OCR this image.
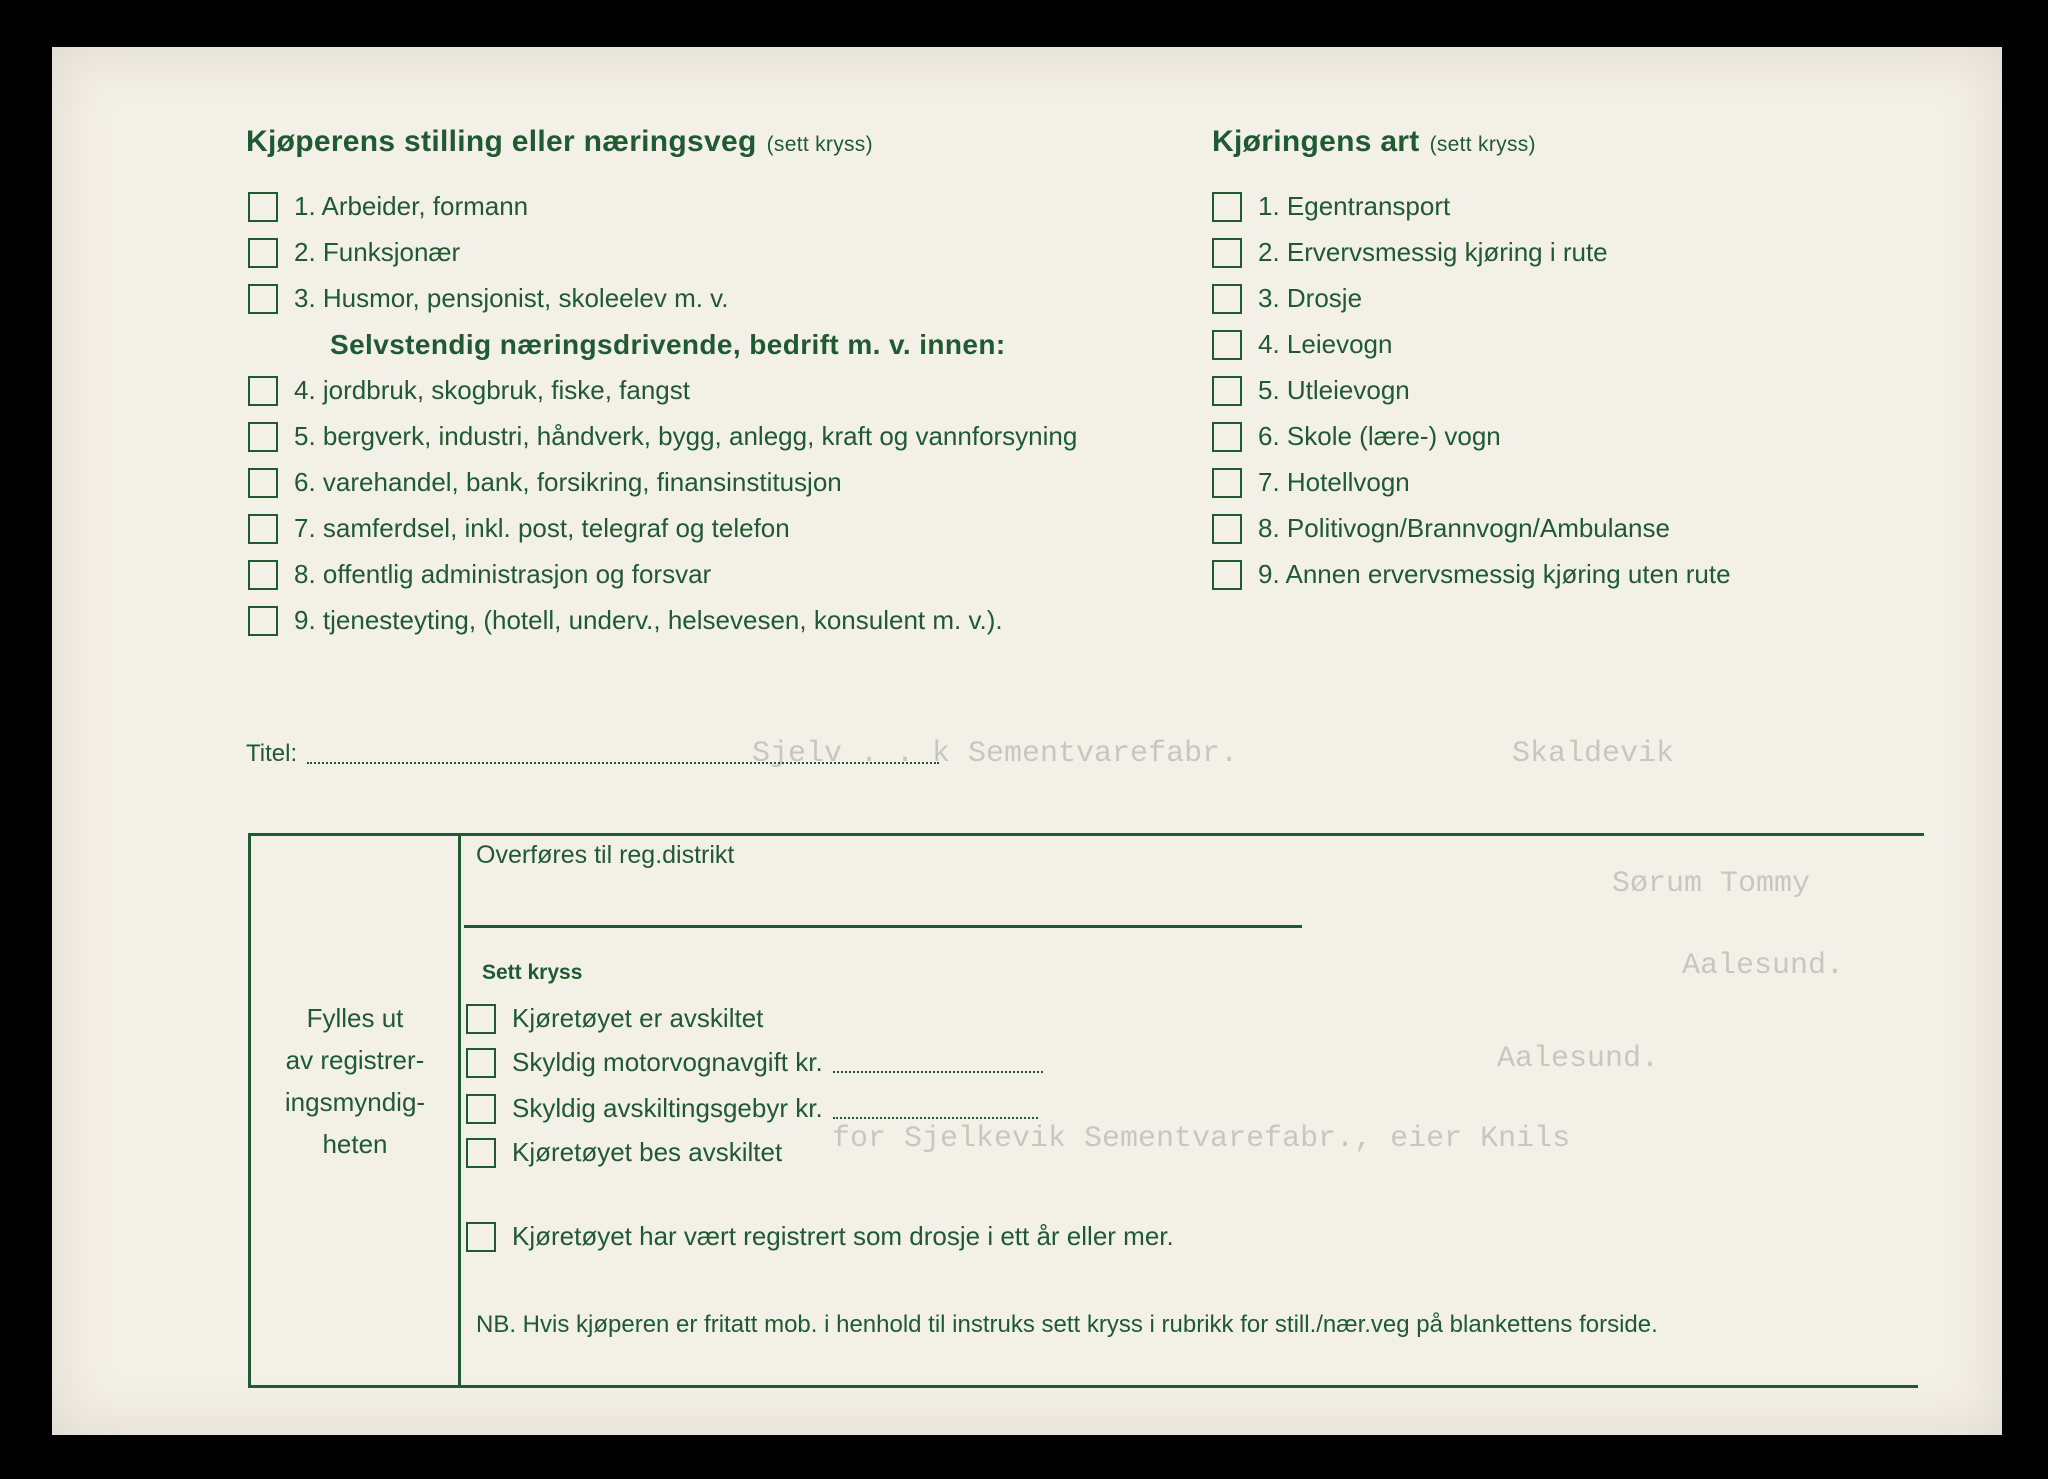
Sjelv . . k Sementvarefabr.	Skaldevik
Sørum Tommy
Aalesund.
Aalesund.
for Sjelkevik Sementvarefabr., eier Knils
Kjøperens stilling eller næringsveg (sett kryss)
1. Arbeider, formann
2. Funksjonær
3. Husmor, pensjonist, skoleelev m. v.
Selvstendig næringsdrivende, bedrift m. v. innen:
4. jordbruk, skogbruk, fiske, fangst
5. bergverk, industri, håndverk, bygg, anlegg, kraft og vannforsyning
6. varehandel, bank, forsikring, finansinstitusjon
7. samferdsel, inkl. post, telegraf og telefon
8. offentlig administrasjon og forsvar
9. tjenesteyting, (hotell, underv., helsevesen, konsulent m. v.).
Kjøringens art (sett kryss)
1. Egentransport
2. Ervervsmessig kjøring i rute
3. Drosje
4. Leievogn
5. Utleievogn
6. Skole (lære-) vogn
7. Hotellvogn
8. Politivogn/Brannvogn/Ambulanse
9. Annen ervervsmessig kjøring uten rute
Titel:
Fylles ut
av registrer-
ingsmyndig-
heten
Overføres til reg.distrikt
Sett kryss
Kjøretøyet er avskiltet
Skyldig motorvognavgift kr.
Skyldig avskiltingsgebyr kr.
Kjøretøyet bes avskiltet
Kjøretøyet har vært registrert som drosje i ett år eller mer.
NB. Hvis kjøperen er fritatt mob. i henhold til instruks sett kryss i rubrikk for still./nær.veg på blankettens forside.
